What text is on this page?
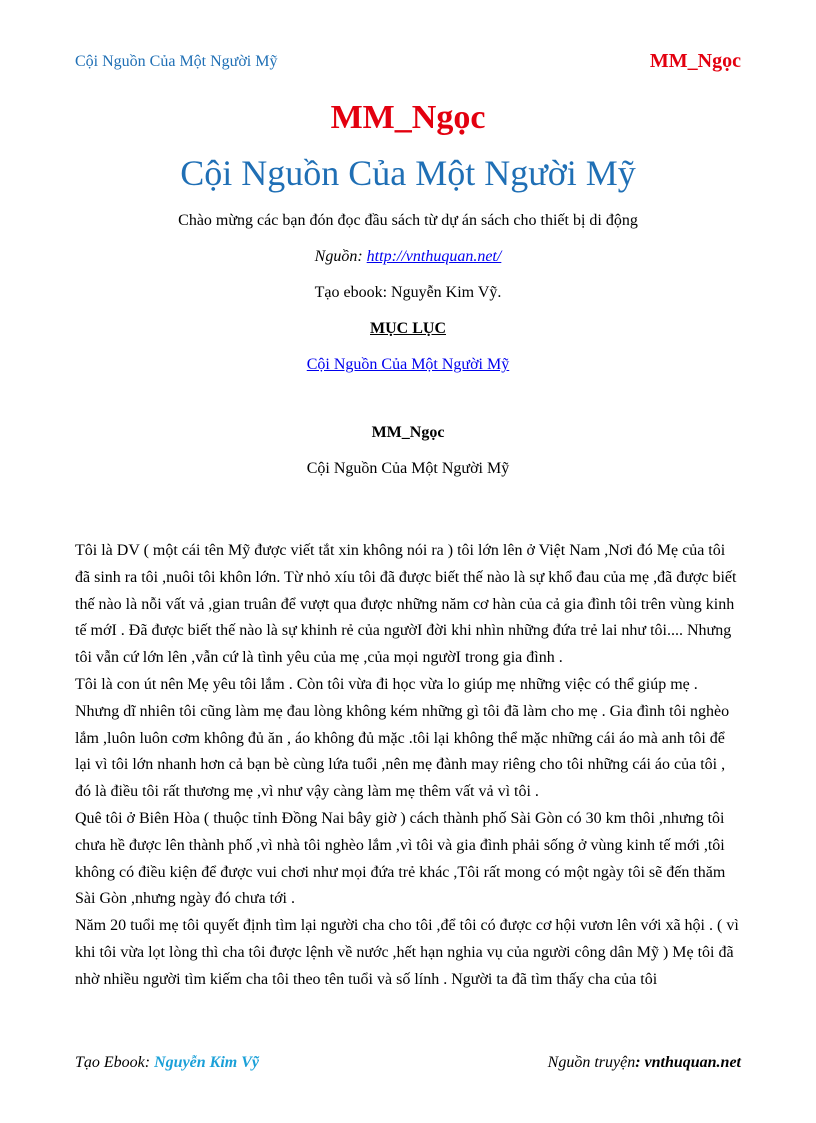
Cội Nguồn Của Một Người Mỹ	MM_Ngọc
MM_Ngọc
Cội Nguồn Của Một Người Mỹ
Chào mừng các bạn đón đọc đầu sách từ dự án sách cho thiết bị di động
Nguồn: http://vnthuquan.net/
Tạo ebook: Nguyễn Kim Vỹ.
MỤC LỤC
Cội Nguồn Của Một Người Mỹ
MM_Ngọc
Cội Nguồn Của Một Người Mỹ

Tôi là DV ( một cái tên Mỹ được viết tắt xin không nói ra ) tôi lớn lên ở Việt Nam ,Nơi đó Mẹ của tôi đã sinh ra tôi ,nuôi tôi khôn lớn. Từ nhỏ xíu tôi đã được biết thế nào là sự khổ đau của mẹ ,đã được biết thế nào là nỗi vất vả ,gian truân để vượt qua được những năm cơ hàn của cả gia đình tôi trên vùng kinh tế mớI . Đã được biết thế nào là sự khinh rẻ của ngườI đời khi nhìn những đứa trẻ lai như tôi.... Nhưng tôi vẫn cứ lớn lên ,vẫn cứ là tình yêu của mẹ ,của mọi ngườI trong gia đình .

Tôi là con út nên Mẹ yêu tôi lắm . Còn tôi vừa đi học vừa lo giúp mẹ những việc có thể giúp mẹ . Nhưng dĩ nhiên tôi cũng làm mẹ đau lòng không kém những gì tôi đã làm cho mẹ . Gia đình tôi nghèo lắm ,luôn luôn cơm không đủ ăn , áo không đủ mặc .tôi lại không thể mặc những cái áo mà anh tôi để lại vì tôi lớn nhanh hơn cả bạn bè cùng lứa tuổi ,nên mẹ đành may riêng cho tôi những cái áo của tôi , đó là điều tôi rất thương mẹ ,vì như vậy càng làm mẹ thêm vất vả vì tôi .

Quê tôi ở Biên Hòa ( thuộc tỉnh Đồng Nai bây giờ ) cách thành phố Sài Gòn có 30 km thôi ,nhưng tôi chưa hề được lên thành phố ,vì nhà tôi nghèo lắm ,vì tôi và gia đình phải sống ở vùng kinh tế mới ,tôi không có điều kiện để được vui chơi như mọi đứa trẻ khác ,Tôi rất mong có một ngày tôi sẽ đến thăm Sài Gòn ,nhưng ngày đó chưa tới .

Năm 20 tuổi mẹ tôi quyết định tìm lại người cha cho tôi ,để tôi có được cơ hội vươn lên với xã hội . ( vì khi tôi vừa lọt lòng thì cha tôi được lệnh về nước ,hết hạn nghia vụ của người công dân Mỹ ) Mẹ tôi đã nhờ nhiều người tìm kiếm cha tôi theo tên tuổi và số lính . Người ta đã tìm thấy cha của tôi

Tạo Ebook: Nguyễn Kim Vỹ	Nguồn truyện: vnthuquan.net
